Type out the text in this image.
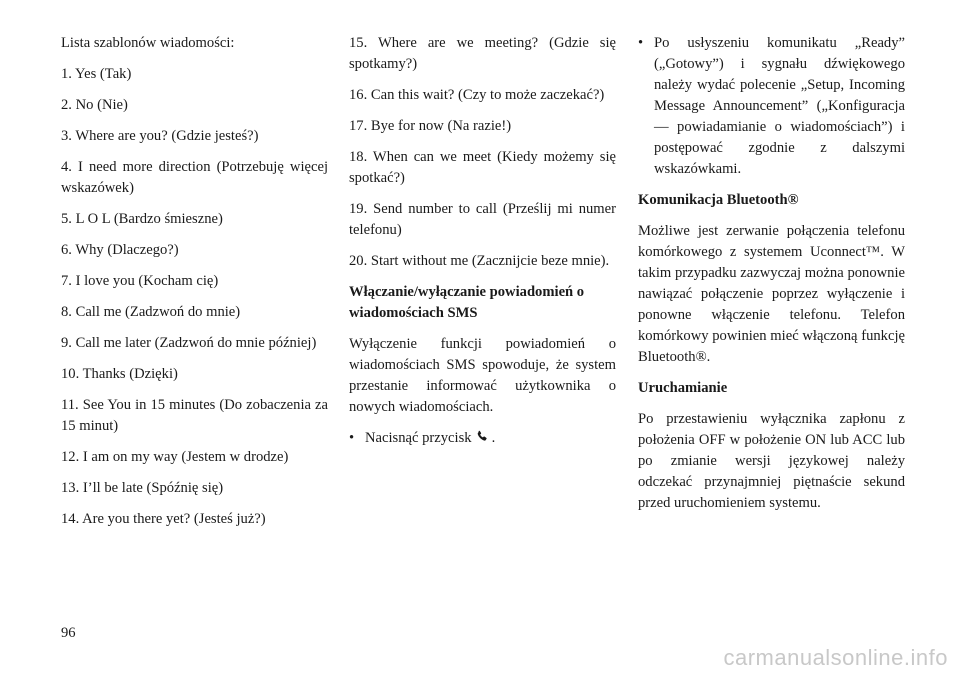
Lista szablonów wiadomości:

1. Yes (Tak)

2. No (Nie)

3. Where are you? (Gdzie jesteś?)

4. I need more direction (Potrzebuję więcej wskazówek)

5. L O L (Bardzo śmieszne)

6. Why (Dlaczego?)

7. I love you (Kocham cię)

8. Call me (Zadzwoń do mnie)

9. Call me later (Zadzwoń do mnie później)

10. Thanks (Dzięki)

11. See You in 15 minutes (Do zobaczenia za 15 minut)

12. I am on my way (Jestem w drodze)

13. I’ll be late (Spóźnię się)

14. Are you there yet? (Jesteś już?)

15. Where are we meeting? (Gdzie się spotkamy?)

16. Can this wait? (Czy to może zaczekać?)

17. Bye for now (Na razie!)

18. When can we meet (Kiedy możemy się spotkać?)

19. Send number to call (Prześlij mi numer telefonu)

20. Start without me (Zacznijcie beze mnie).

Włączanie/wyłączanie powiadomień o wiadomościach SMS

Wyłączenie funkcji powiadomień o wiadomościach SMS spowoduje, że system przestanie informować użytkownika o nowych wiadomościach.

• Nacisnąć przycisk .
• Po usłyszeniu komunikatu „Ready” („Gotowy”) i sygnału dźwiękowego należy wydać polecenie „Setup, Incoming Message Announcement” („Konfiguracja — powiadamianie o wiadomościach”) i postępować zgodnie z dalszymi wskazówkami.
Komunikacja Bluetooth®

Możliwe jest zerwanie połączenia telefonu komórkowego z systemem Uconnect™. W takim przypadku zazwyczaj można ponownie nawiązać połączenie poprzez wyłączenie i ponowne włączenie telefonu. Telefon komórkowy powinien mieć włączoną funkcję Bluetooth®.

Uruchamianie

Po przestawieniu wyłącznika zapłonu z położenia OFF w położenie ON lub ACC lub po zmianie wersji językowej należy odczekać przynajmniej piętnaście sekund przed uruchomieniem systemu.

96
carmanualsonline.info
